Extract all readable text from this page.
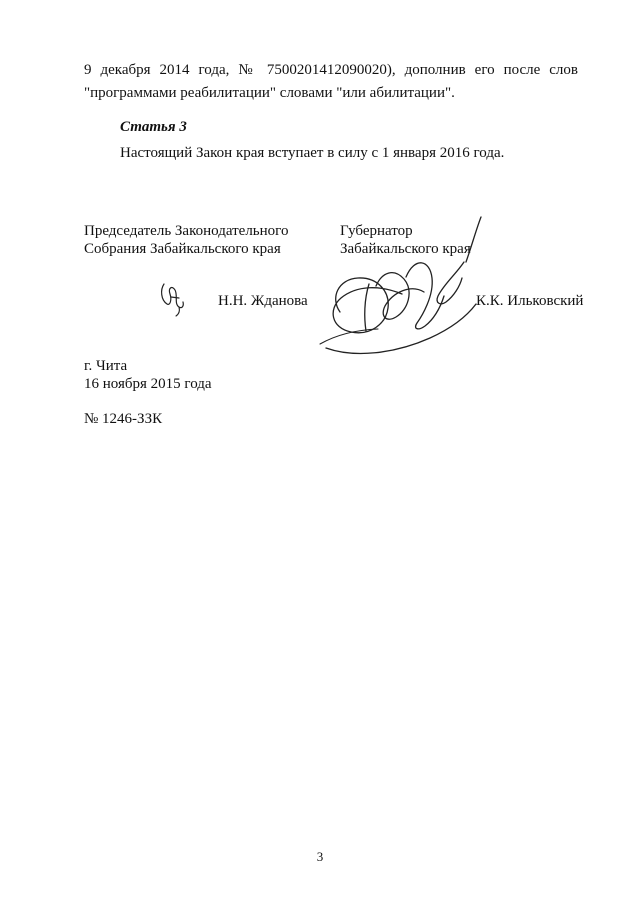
9 декабря 2014 года, № 7500201412090020), дополнив его после слов
"программами реабилитации" словами "или абилитации".
Статья 3
Настоящий Закон края вступает в силу с 1 января 2016 года.
Председатель Законодательного
Собрания Забайкальского края
Губернатор
Забайкальского края
Н.Н. Жданова	К.К. Ильковский
г. Чита
16 ноября 2015 года
№ 1246-ЗЗК
3
